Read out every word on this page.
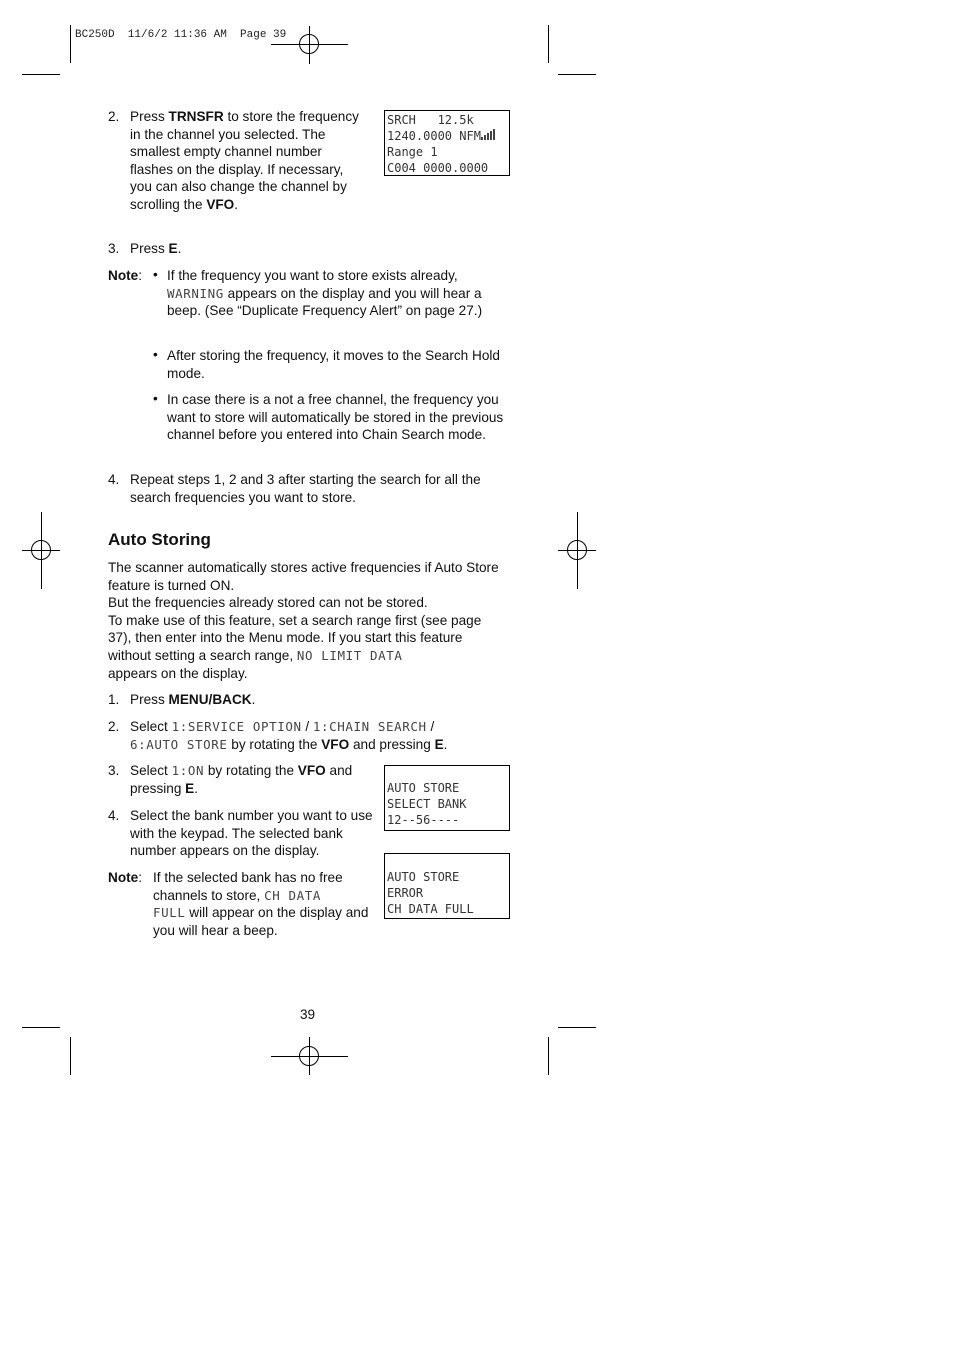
BC250D  11/6/2 11:36 AM  Page 39
2. Press TRNSFR to store the frequency in the channel you selected. The smallest empty channel number flashes on the display. If necessary, you can also change the channel by scrolling the VFO.
SRCH   12.5k
1240.0000 NFM
Range 1
C004 0000.0000
3. Press E.
Note: • If the frequency you want to store exists already,
WARNING appears on the display and you will hear a beep. (See “Duplicate Frequency Alert” on page 27.)
• After storing the frequency, it moves to the Search Hold mode.
• In case there is a not a free channel, the frequency you want to store will automatically be stored in the previous channel before you entered into Chain Search mode.
4. Repeat steps 1, 2 and 3 after starting the search for all the search frequencies you want to store.
Auto Storing
The scanner automatically stores active frequencies if Auto Store feature is turned ON.
But the frequencies already stored can not be stored.
To make use of this feature, set a search range first (see page 37), then enter into the Menu mode. If you start this feature without setting a search range, NO LIMIT DATA
appears on the display.
1. Press MENU/BACK.
2. Select 1:SERVICE OPTION / 1:CHAIN SEARCH /
6:AUTO STORE by rotating the VFO and pressing E.
3. Select 1:ON by rotating the VFO and pressing E.	AUTO STORE
SELECT BANK
12--56----
4. Select the bank number you want to use with the keypad. The selected bank number appears on the display.
AUTO STORE
ERROR
CH DATA FULL
Note: If the selected bank has no free channels to store, CH DATA
FULL will appear on the display and you will hear a beep.
39
